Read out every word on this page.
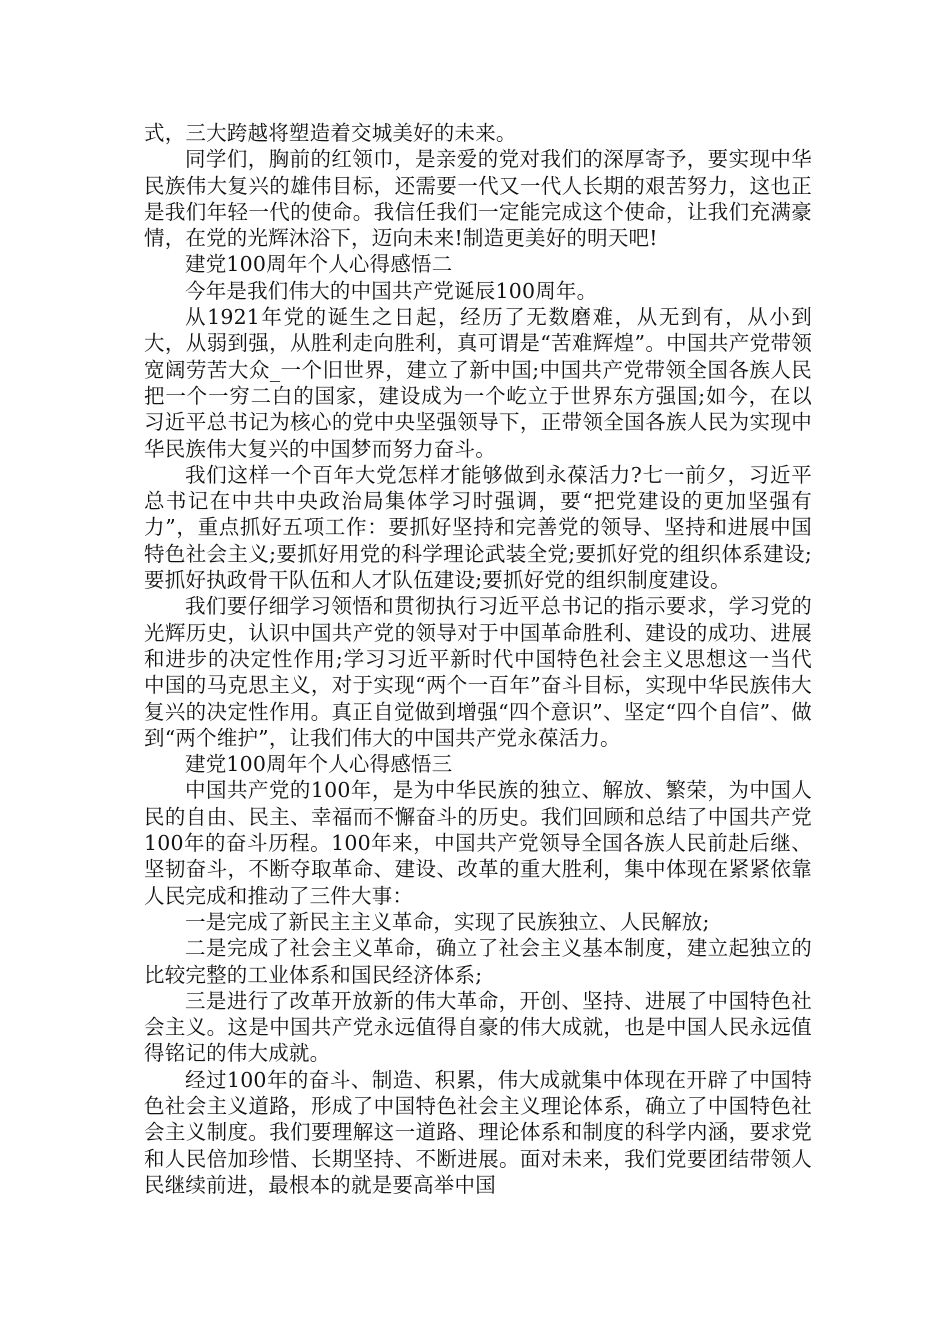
式，三大跨越将塑造着交城美好的未来。

同学们，胸前的红领巾，是亲爱的党对我们的深厚寄予，要实现中华民族伟大复兴的雄伟目标，还需要一代又一代人长期的艰苦努力，这也正是我们年轻一代的使命。我信任我们一定能完成这个使命，让我们充满豪情，在党的光辉沐浴下，迈向未来!制造更美好的明天吧!

建党100周年个人心得感悟二

今年是我们伟大的中国共产党诞辰100周年。

从1921年党的诞生之日起，经历了无数磨难，从无到有，从小到大，从弱到强，从胜利走向胜利，真可谓是“苦难辉煌”。中国共产党带领宽阔劳苦大众_一个旧世界，建立了新中国;中国共产党带领全国各族人民把一个一穷二白的国家，建设成为一个屹立于世界东方强国;如今，在以习近平总书记为核心的党中央坚强领导下，正带领全国各族人民为实现中华民族伟大复兴的中国梦而努力奋斗。

我们这样一个百年大党怎样才能够做到永葆活力?七一前夕，习近平总书记在中共中央政治局集体学习时强调，要“把党建设的更加坚强有力”，重点抓好五项工作：要抓好坚持和完善党的领导、坚持和进展中国特色社会主义;要抓好用党的科学理论武装全党;要抓好党的组织体系建设;要抓好执政骨干队伍和人才队伍建设;要抓好党的组织制度建设。

我们要仔细学习领悟和贯彻执行习近平总书记的指示要求，学习党的光辉历史，认识中国共产党的领导对于中国革命胜利、建设的成功、进展和进步的决定性作用;学习习近平新时代中国特色社会主义思想这一当代中国的马克思主义，对于实现“两个一百年”奋斗目标，实现中华民族伟大复兴的决定性作用。真正自觉做到增强“四个意识”、坚定“四个自信”、做到“两个维护”，让我们伟大的中国共产党永葆活力。

建党100周年个人心得感悟三

中国共产党的100年，是为中华民族的独立、解放、繁荣，为中国人民的自由、民主、幸福而不懈奋斗的历史。我们回顾和总结了中国共产党100年的奋斗历程。100年来，中国共产党领导全国各族人民前赴后继、坚韧奋斗，不断夺取革命、建设、改革的重大胜利，集中体现在紧紧依靠人民完成和推动了三件大事：

一是完成了新民主主义革命，实现了民族独立、人民解放;

二是完成了社会主义革命，确立了社会主义基本制度，建立起独立的比较完整的工业体系和国民经济体系;

三是进行了改革开放新的伟大革命，开创、坚持、进展了中国特色社会主义。这是中国共产党永远值得自豪的伟大成就，也是中国人民永远值得铭记的伟大成就。

经过100年的奋斗、制造、积累，伟大成就集中体现在开辟了中国特色社会主义道路，形成了中国特色社会主义理论体系，确立了中国特色社会主义制度。我们要理解这一道路、理论体系和制度的科学内涵，要求党和人民倍加珍惜、长期坚持、不断进展。面对未来，我们党要团结带领人民继续前进，最根本的就是要高举中国
